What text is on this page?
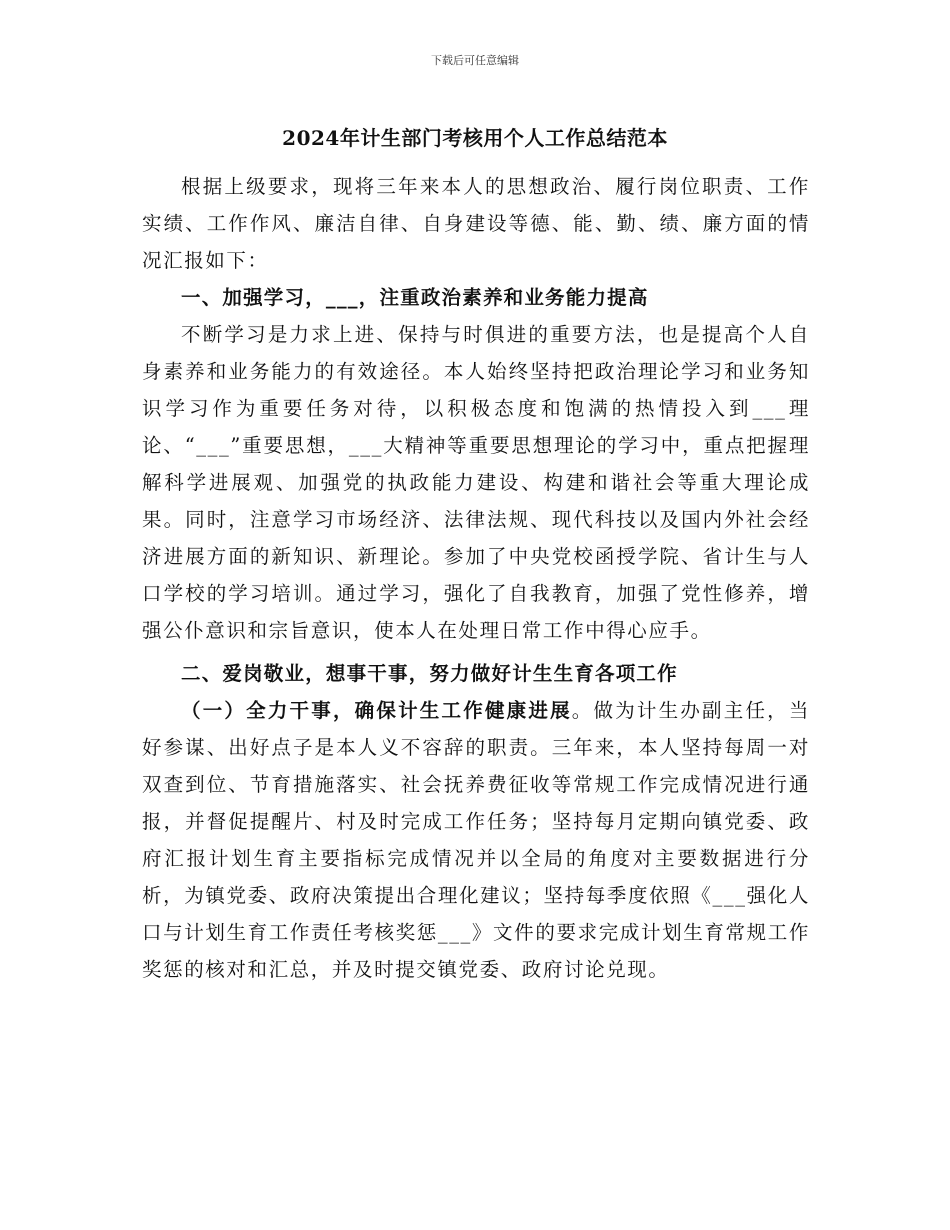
下载后可任意编辑
2024年计生部门考核用个人工作总结范本

根据上级要求，现将三年来本人的思想政治、履行岗位职责、工作实绩、工作作风、廉洁自律、自身建设等德、能、勤、绩、廉方面的情况汇报如下：

一、加强学习，___，注重政治素养和业务能力提高

不断学习是力求上进、保持与时俱进的重要方法，也是提高个人自身素养和业务能力的有效途径。本人始终坚持把政治理论学习和业务知识学习作为重要任务对待，以积极态度和饱满的热情投入到___理论、“___”重要思想，___大精神等重要思想理论的学习中，重点把握理解科学进展观、加强党的执政能力建设、构建和谐社会等重大理论成果。同时，注意学习市场经济、法律法规、现代科技以及国内外社会经济进展方面的新知识、新理论。参加了中央党校函授学院、省计生与人口学校的学习培训。通过学习，强化了自我教育，加强了党性修养，增强公仆意识和宗旨意识，使本人在处理日常工作中得心应手。

二、爱岗敬业，想事干事，努力做好计生生育各项工作

（一）全力干事，确保计生工作健康进展。做为计生办副主任，当好参谋、出好点子是本人义不容辞的职责。三年来，本人坚持每周一对双查到位、节育措施落实、社会抚养费征收等常规工作完成情况进行通报，并督促提醒片、村及时完成工作任务；坚持每月定期向镇党委、政府汇报计划生育主要指标完成情况并以全局的角度对主要数据进行分析，为镇党委、政府决策提出合理化建议；坚持每季度依照《___强化人口与计划生育工作责任考核奖惩___》文件的要求完成计划生育常规工作奖惩的核对和汇总，并及时提交镇党委、政府讨论兑现。
